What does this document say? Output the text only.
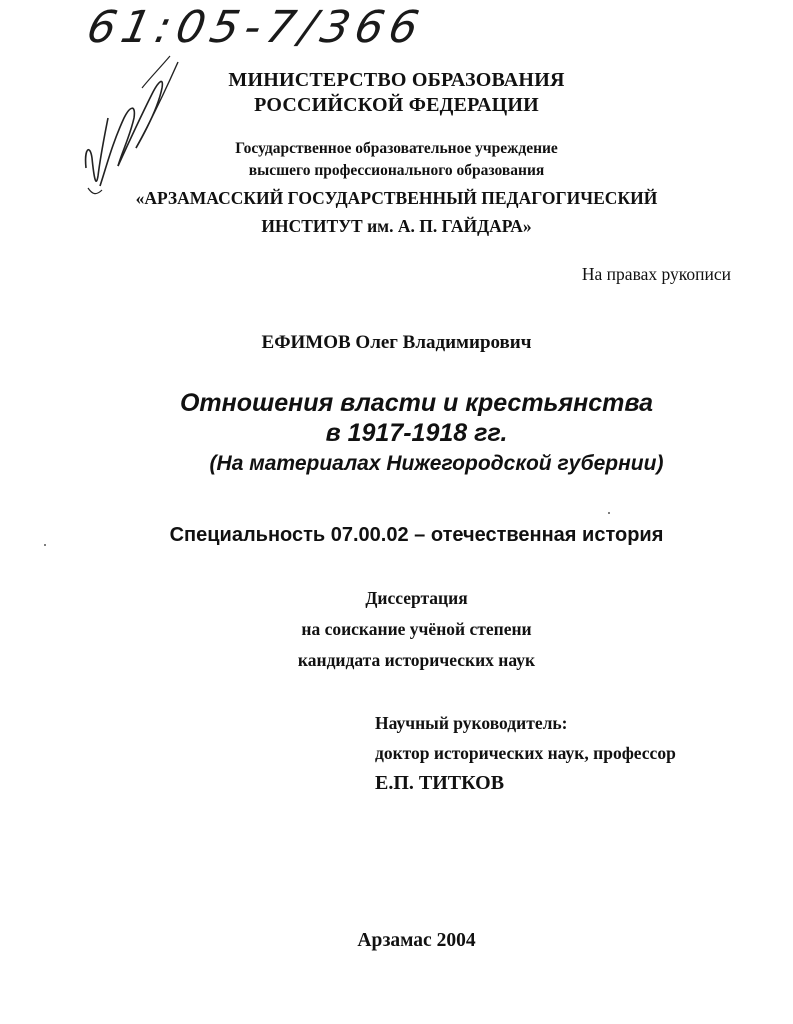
61:05-7/366
МИНИСТЕРСТВО ОБРАЗОВАНИЯ
РОССИЙСКОЙ ФЕДЕРАЦИИ
Государственное образовательное учреждение
высшего профессионального образования
«АРЗАМАССКИЙ ГОСУДАРСТВЕННЫЙ ПЕДАГОГИЧЕСКИЙ
ИНСТИТУТ им. А. П. ГАЙДАРА»
На правах рукописи
ЕФИМОВ Олег Владимирович
Отношения власти и крестьянства
в 1917-1918 гг.
(На материалах Нижегородской губернии)
Специальность 07.00.02 – отечественная история
Диссертация
на соискание учёной степени
кандидата исторических наук
Научный руководитель:
доктор исторических наук, профессор
Е.П. ТИТКОВ
Арзамас 2004
